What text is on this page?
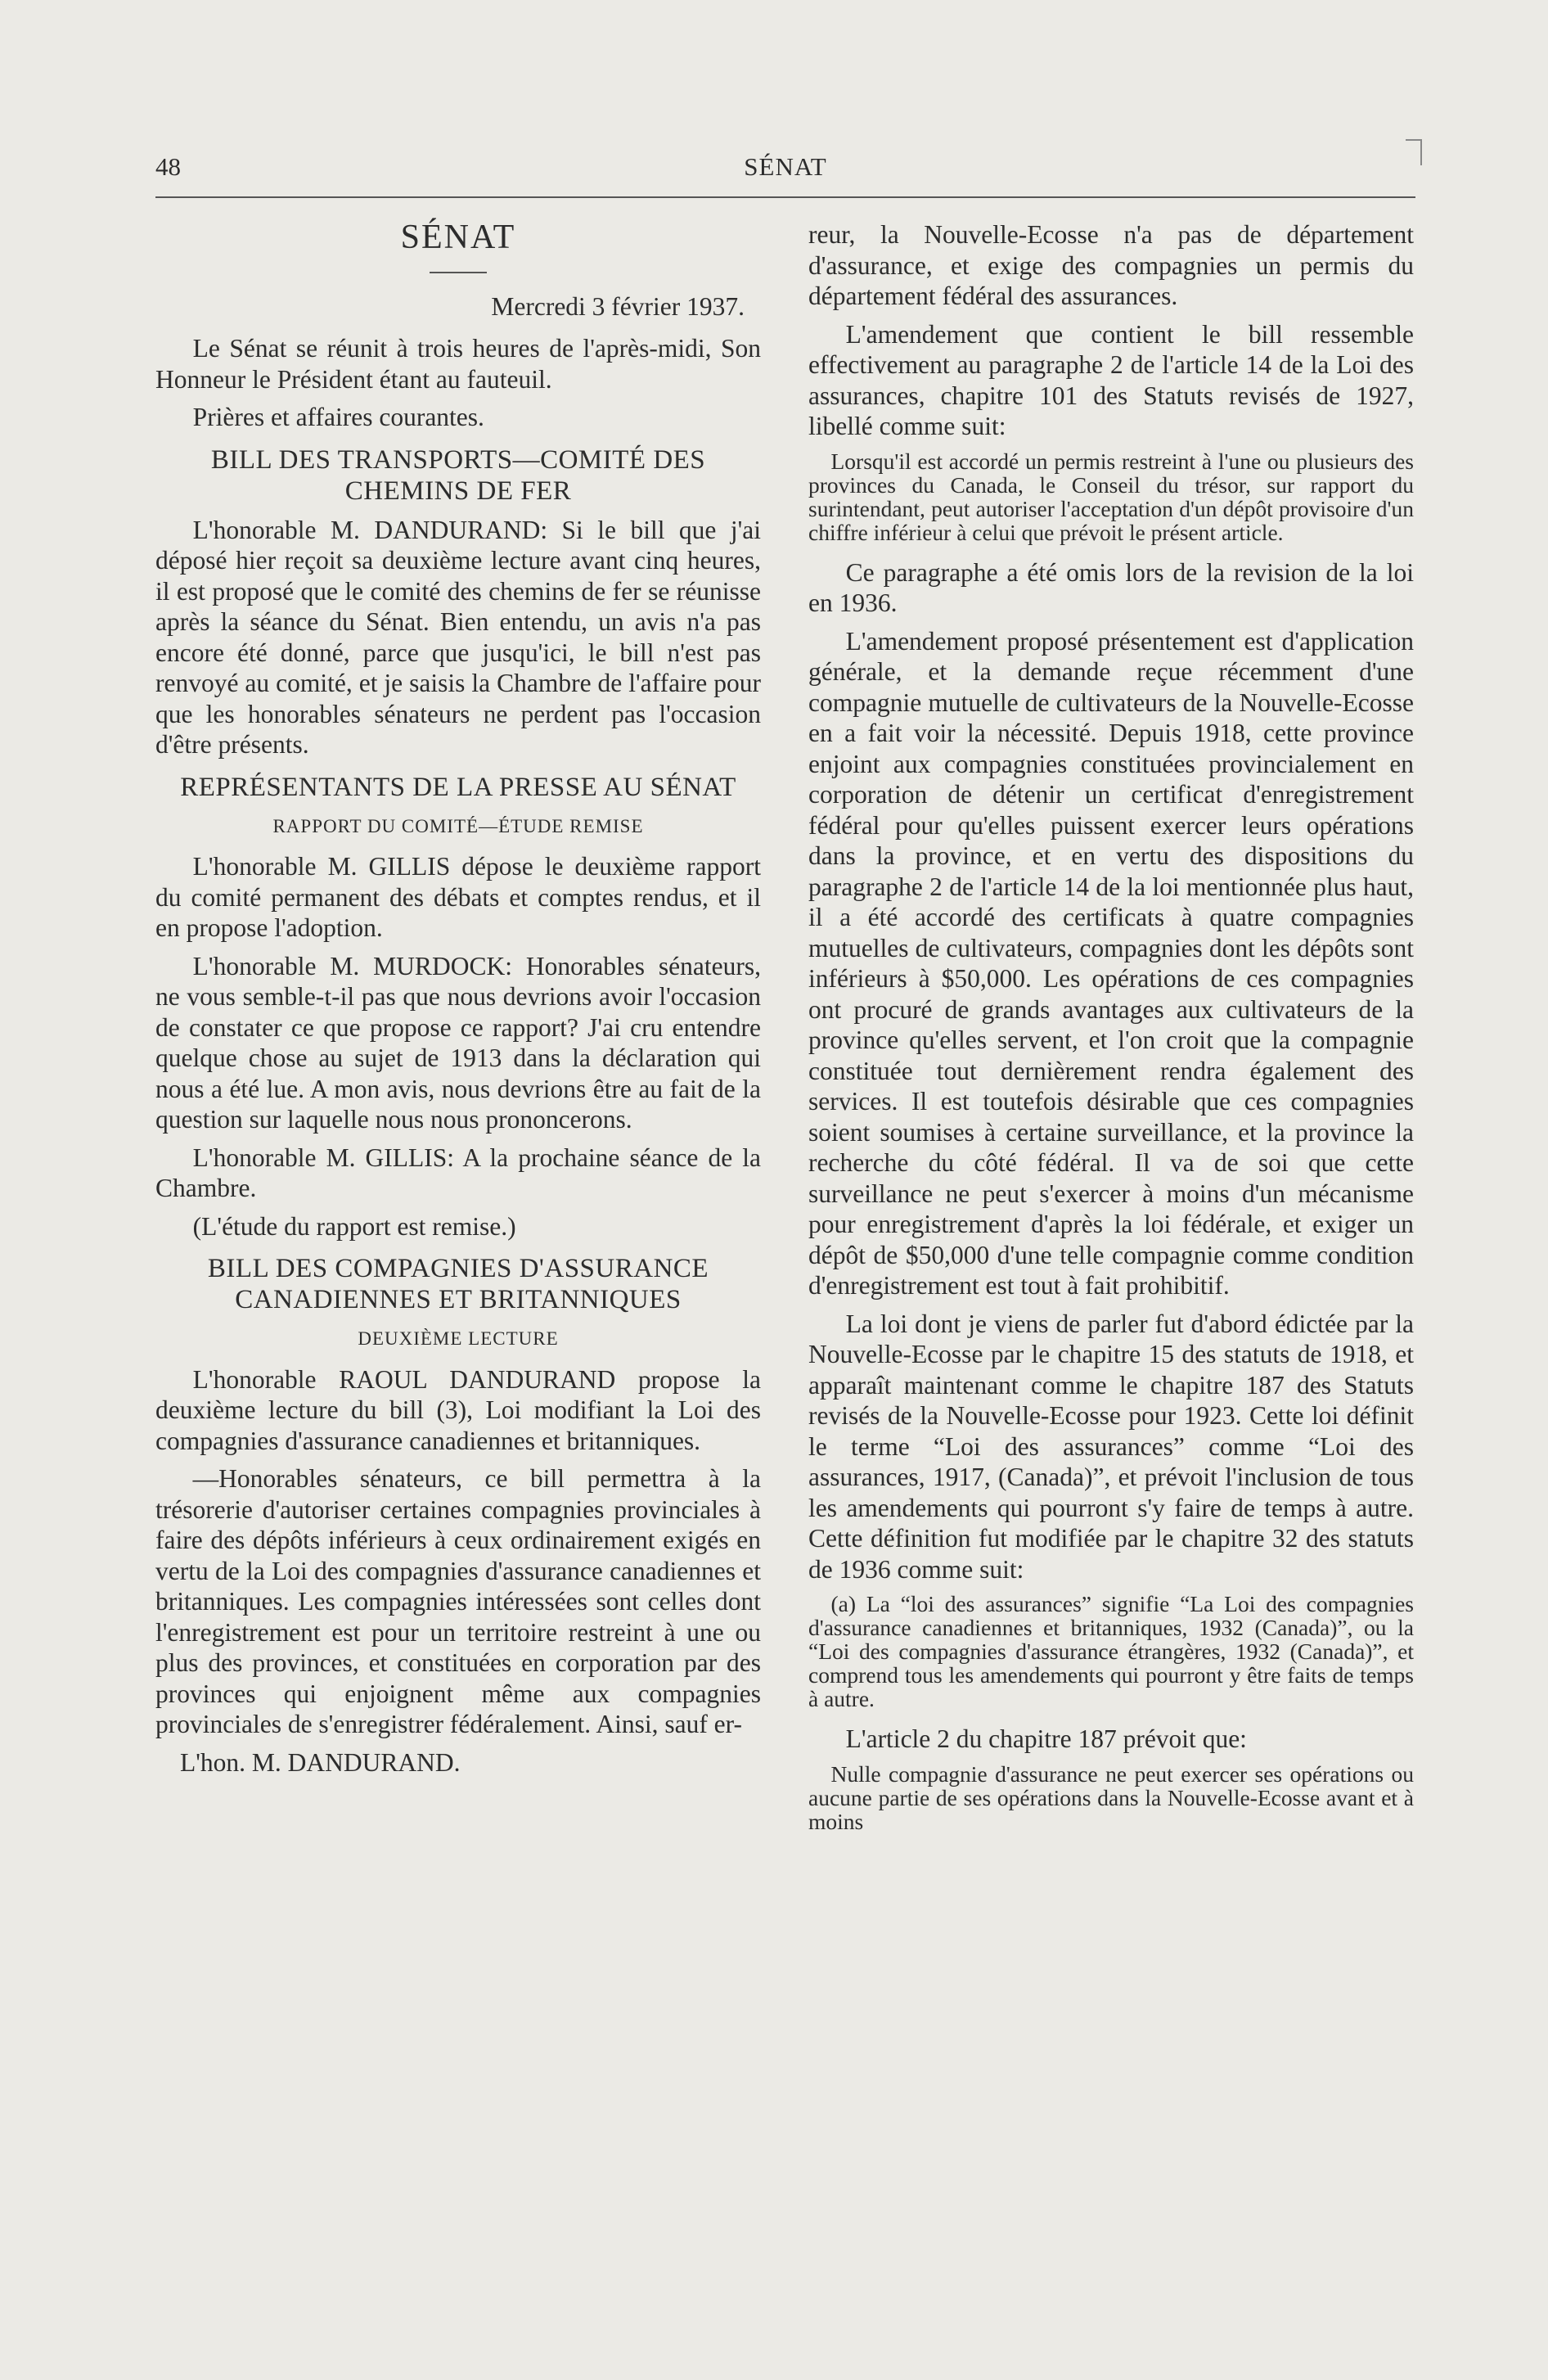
48	SÉNAT
SÉNAT
Mercredi 3 février 1937.

Le Sénat se réunit à trois heures de l'après-midi, Son Honneur le Président étant au fauteuil.

Prières et affaires courantes.

BILL DES TRANSPORTS—COMITÉ DES CHEMINS DE FER

L'honorable M. DANDURAND: Si le bill que j'ai déposé hier reçoit sa deuxième lecture avant cinq heures, il est proposé que le comité des chemins de fer se réunisse après la séance du Sénat. Bien entendu, un avis n'a pas encore été donné, parce que jusqu'ici, le bill n'est pas renvoyé au comité, et je saisis la Chambre de l'affaire pour que les honorables sénateurs ne perdent pas l'occasion d'être présents.

REPRÉSENTANTS DE LA PRESSE AU SÉNAT
RAPPORT DU COMITÉ—ÉTUDE REMISE

L'honorable M. GILLIS dépose le deuxième rapport du comité permanent des débats et comptes rendus, et il en propose l'adoption.

L'honorable M. MURDOCK: Honorables sénateurs, ne vous semble-t-il pas que nous devrions avoir l'occasion de constater ce que propose ce rapport? J'ai cru entendre quelque chose au sujet de 1913 dans la déclaration qui nous a été lue. A mon avis, nous devrions être au fait de la question sur laquelle nous nous prononcerons.

L'honorable M. GILLIS: A la prochaine séance de la Chambre.

(L'étude du rapport est remise.)

BILL DES COMPAGNIES D'ASSURANCE CANADIENNES ET BRITANNIQUES
DEUXIÈME LECTURE

L'honorable RAOUL DANDURAND propose la deuxième lecture du bill (3), Loi modifiant la Loi des compagnies d'assurance canadiennes et britanniques.

—Honorables sénateurs, ce bill permettra à la trésorerie d'autoriser certaines compagnies provinciales à faire des dépôts inférieurs à ceux ordinairement exigés en vertu de la Loi des compagnies d'assurance canadiennes et britanniques. Les compagnies intéressées sont celles dont l'enregistrement est pour un territoire restreint à une ou plus des provinces, et constituées en corporation par des provinces qui enjoignent même aux compagnies provinciales de s'enregistrer fédéralement. Ainsi, sauf er-

L'hon. M. DANDURAND.

reur, la Nouvelle-Ecosse n'a pas de département d'assurance, et exige des compagnies un permis du département fédéral des assurances.

L'amendement que contient le bill ressemble effectivement au paragraphe 2 de l'article 14 de la Loi des assurances, chapitre 101 des Statuts revisés de 1927, libellé comme suit:

Lorsqu'il est accordé un permis restreint à l'une ou plusieurs des provinces du Canada, le Conseil du trésor, sur rapport du surintendant, peut autoriser l'acceptation d'un dépôt provisoire d'un chiffre inférieur à celui que prévoit le présent article.

Ce paragraphe a été omis lors de la revision de la loi en 1936.

L'amendement proposé présentement est d'application générale, et la demande reçue récemment d'une compagnie mutuelle de cultivateurs de la Nouvelle-Ecosse en a fait voir la nécessité. Depuis 1918, cette province enjoint aux compagnies constituées provincialement en corporation de détenir un certificat d'enregistrement fédéral pour qu'elles puissent exercer leurs opérations dans la province, et en vertu des dispositions du paragraphe 2 de l'article 14 de la loi mentionnée plus haut, il a été accordé des certificats à quatre compagnies mutuelles de cultivateurs, compagnies dont les dépôts sont inférieurs à $50,000. Les opérations de ces compagnies ont procuré de grands avantages aux cultivateurs de la province qu'elles servent, et l'on croit que la compagnie constituée tout dernièrement rendra également des services. Il est toutefois désirable que ces compagnies soient soumises à certaine surveillance, et la province la recherche du côté fédéral. Il va de soi que cette surveillance ne peut s'exercer à moins d'un mécanisme pour enregistrement d'après la loi fédérale, et exiger un dépôt de $50,000 d'une telle compagnie comme condition d'enregistrement est tout à fait prohibitif.

La loi dont je viens de parler fut d'abord édictée par la Nouvelle-Ecosse par le chapitre 15 des statuts de 1918, et apparaît maintenant comme le chapitre 187 des Statuts revisés de la Nouvelle-Ecosse pour 1923. Cette loi définit le terme “Loi des assurances” comme “Loi des assurances, 1917, (Canada)”, et prévoit l'inclusion de tous les amendements qui pourront s'y faire de temps à autre. Cette définition fut modifiée par le chapitre 32 des statuts de 1936 comme suit:

(a) La “loi des assurances” signifie “La Loi des compagnies d'assurance canadiennes et britanniques, 1932 (Canada)”, ou la “Loi des compagnies d'assurance étrangères, 1932 (Canada)”, et comprend tous les amendements qui pourront y être faits de temps à autre.

L'article 2 du chapitre 187 prévoit que:

Nulle compagnie d'assurance ne peut exercer ses opérations ou aucune partie de ses opérations dans la Nouvelle-Ecosse avant et à moins
